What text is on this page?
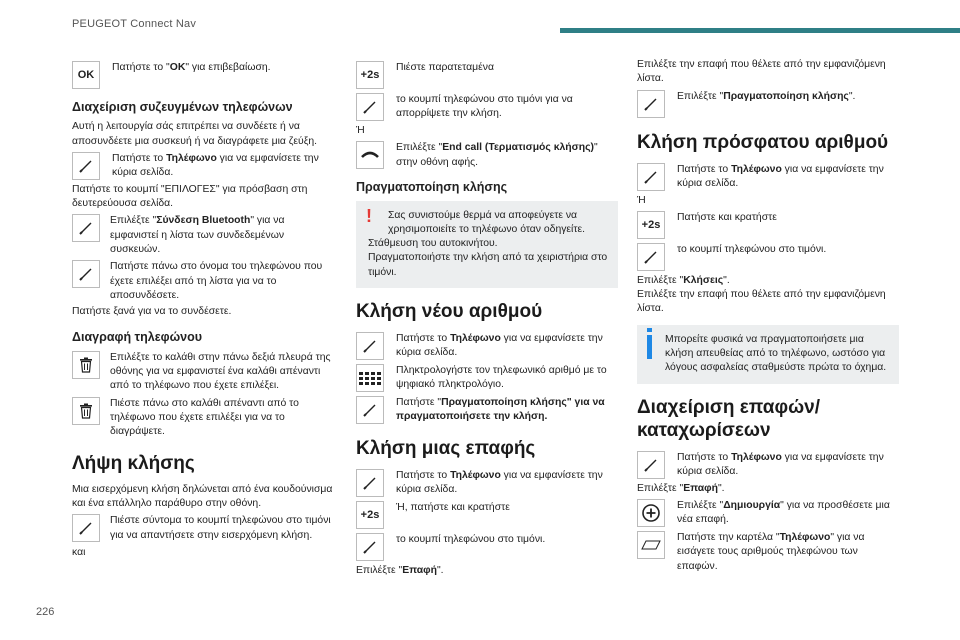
PEUGEOT Connect Nav
OK
Πατήστε το "OK" για επιβεβαίωση.
Διαχείριση συζευγμένων τηλεφώνων

Αυτή η λειτουργία σάς επιτρέπει να συνδέετε ή να αποσυνδέετε μια συσκευή ή να διαγράφετε μια ζεύξη.

Πατήστε το Τηλέφωνο για να εμφανίσετε την κύρια σελίδα.

Πατήστε το κουμπί "ΕΠΙΛΟΓΕΣ" για πρόσβαση στη δευτερεύουσα σελίδα.

Επιλέξτε "Σύνδεση Bluetooth" για να εμφανιστεί η λίστα των συνδεδεμένων συσκευών.
Πατήστε πάνω στο όνομα του τηλεφώνου που έχετε επιλέξει από τη λίστα για να το αποσυνδέσετε.

Πατήστε ξανά για να το συνδέσετε.

Διαγραφή τηλεφώνου
Επιλέξτε το καλάθι στην πάνω δεξιά πλευρά της οθόνης για να εμφανιστεί ένα καλάθι απέναντι από το τηλέφωνο που έχετε επιλέξει.
Πιέστε πάνω στο καλάθι απέναντι από το τηλέφωνο που έχετε επιλέξει για να το διαγράψετε.
Λήψη κλήσης

Μια εισερχόμενη κλήση δηλώνεται από ένα κουδούνισμα και ένα επάλληλο παράθυρο στην οθόνη.

Πιέστε σύντομα το κουμπί τηλεφώνου στο τιμόνι για να απαντήσετε στην εισερχόμενη κλήση.

και

+2s
Πιέστε παρατεταμένα
το κουμπί τηλεφώνου στο τιμόνι για να απορρίψετε την κλήση.

Ή

Επιλέξτε "End call (Τερματισμός κλήσης)" στην οθόνη αφής.
Πραγματοποίηση κλήσης
! Σας συνιστούμε θερμά να αποφεύγετε να χρησιμοποιείτε το τηλέφωνο όταν οδηγείτε.

Στάθμευση του αυτοκινήτου.

Πραγματοποιήστε την κλήση από τα χειριστήρια στο τιμόνι.

Κλήση νέου αριθμού
Πατήστε το Τηλέφωνο για να εμφανίσετε την κύρια σελίδα.
Πληκτρολογήστε τον τηλεφωνικό αριθμό με το ψηφιακό πληκτρολόγιο.
Πατήστε "Πραγματοποίηση κλήσης" για να πραγματοποιήσετε την κλήση.
Κλήση μιας επαφής
Πατήστε το Τηλέφωνο για να εμφανίσετε την κύρια σελίδα.
+2s
Ή, πατήστε και κρατήστε
το κουμπί τηλεφώνου στο τιμόνι.

Επιλέξτε "Επαφή".

Επιλέξτε την επαφή που θέλετε από την εμφανιζόμενη λίστα.

Επιλέξτε "Πραγματοποίηση κλήσης".
Κλήση πρόσφατου αριθμού
Πατήστε το Τηλέφωνο για να εμφανίσετε την κύρια σελίδα.

Ή

+2s
Πατήστε και κρατήστε
το κουμπί τηλεφώνου στο τιμόνι.

Επιλέξτε "Κλήσεις".

Επιλέξτε την επαφή που θέλετε από την εμφανιζόμενη λίστα.

Μπορείτε φυσικά να πραγματοποιήσετε μια κλήση απευθείας από το τηλέφωνο, ωστόσο για λόγους ασφαλείας σταθμεύστε πρώτα το όχημα.
Διαχείριση επαφών/ καταχωρίσεων
Πατήστε το Τηλέφωνο για να εμφανίσετε την κύρια σελίδα.

Επιλέξτε "Επαφή".

Επιλέξτε "Δημιουργία" για να προσθέσετε μια νέα επαφή.
Πατήστε την καρτέλα "Τηλέφωνο" για να εισάγετε τους αριθμούς τηλεφώνου των επαφών.
226
